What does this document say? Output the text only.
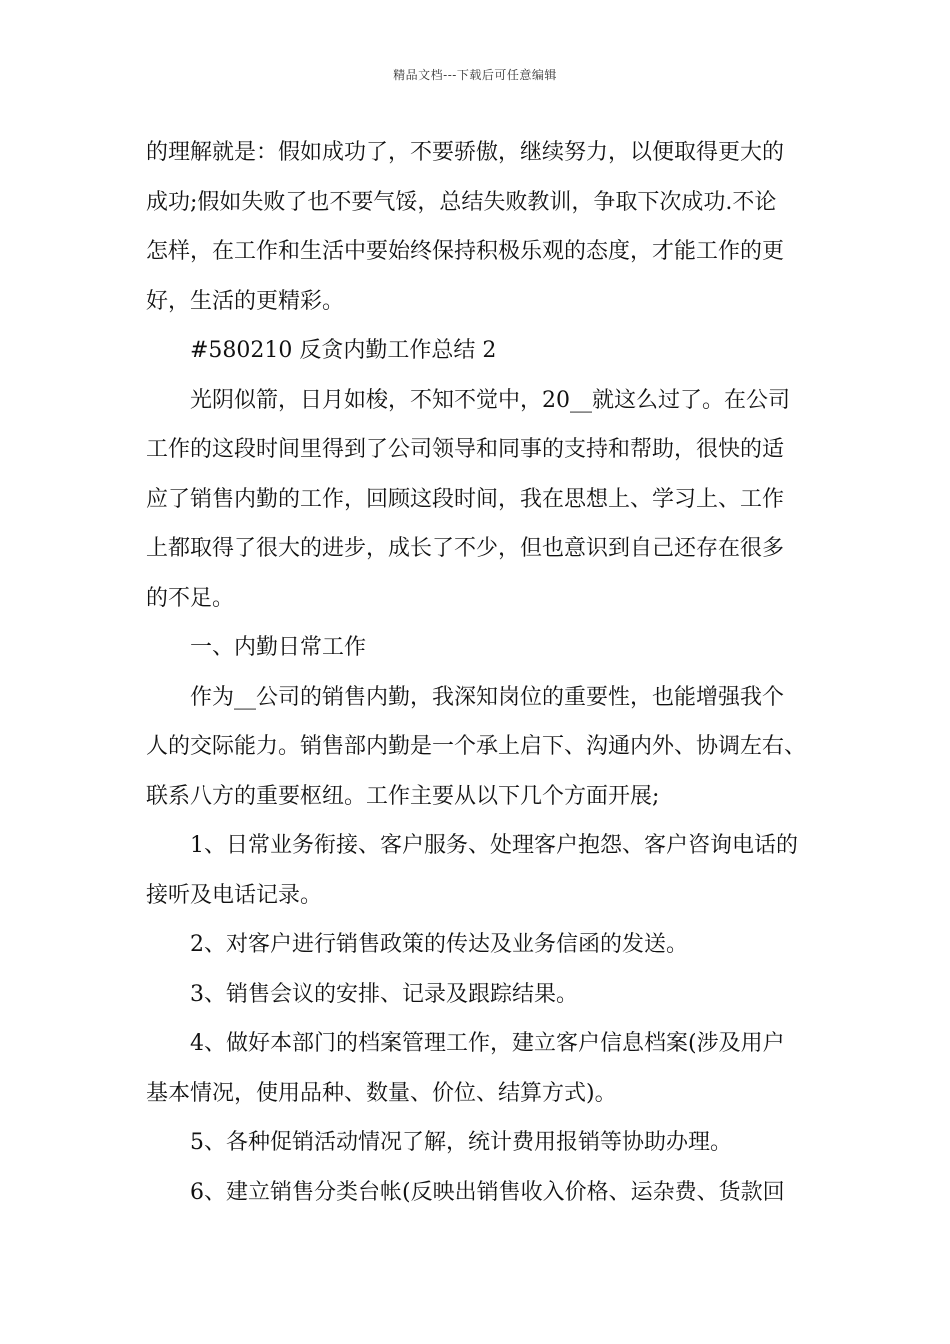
精品文档---下载后可任意编辑

的理解就是：假如成功了，不要骄傲，继续努力，以便取得更大的

成功;假如失败了也不要气馁，总结失败教训，争取下次成功.不论

怎样，在工作和生活中要始终保持积极乐观的态度，才能工作的更

好，生活的更精彩。

#580210 反贪内勤工作总结 2

光阴似箭，日月如梭，不知不觉中，20__就这么过了。在公司

工作的这段时间里得到了公司领导和同事的支持和帮助，很快的适

应了销售内勤的工作，回顾这段时间，我在思想上、学习上、工作

上都取得了很大的进步，成长了不少，但也意识到自己还存在很多

的不足。

一、内勤日常工作

作为__公司的销售内勤，我深知岗位的重要性，也能增强我个

人的交际能力。销售部内勤是一个承上启下、沟通内外、协调左右、

联系八方的重要枢纽。工作主要从以下几个方面开展;

1、日常业务衔接、客户服务、处理客户抱怨、客户咨询电话的

接听及电话记录。

2、对客户进行销售政策的传达及业务信函的发送。

3、销售会议的安排、记录及跟踪结果。

4、做好本部门的档案管理工作，建立客户信息档案(涉及用户

基本情况，使用品种、数量、价位、结算方式)。

5、各种促销活动情况了解，统计费用报销等协助办理。

6、建立销售分类台帐(反映出销售收入价格、运杂费、货款回
